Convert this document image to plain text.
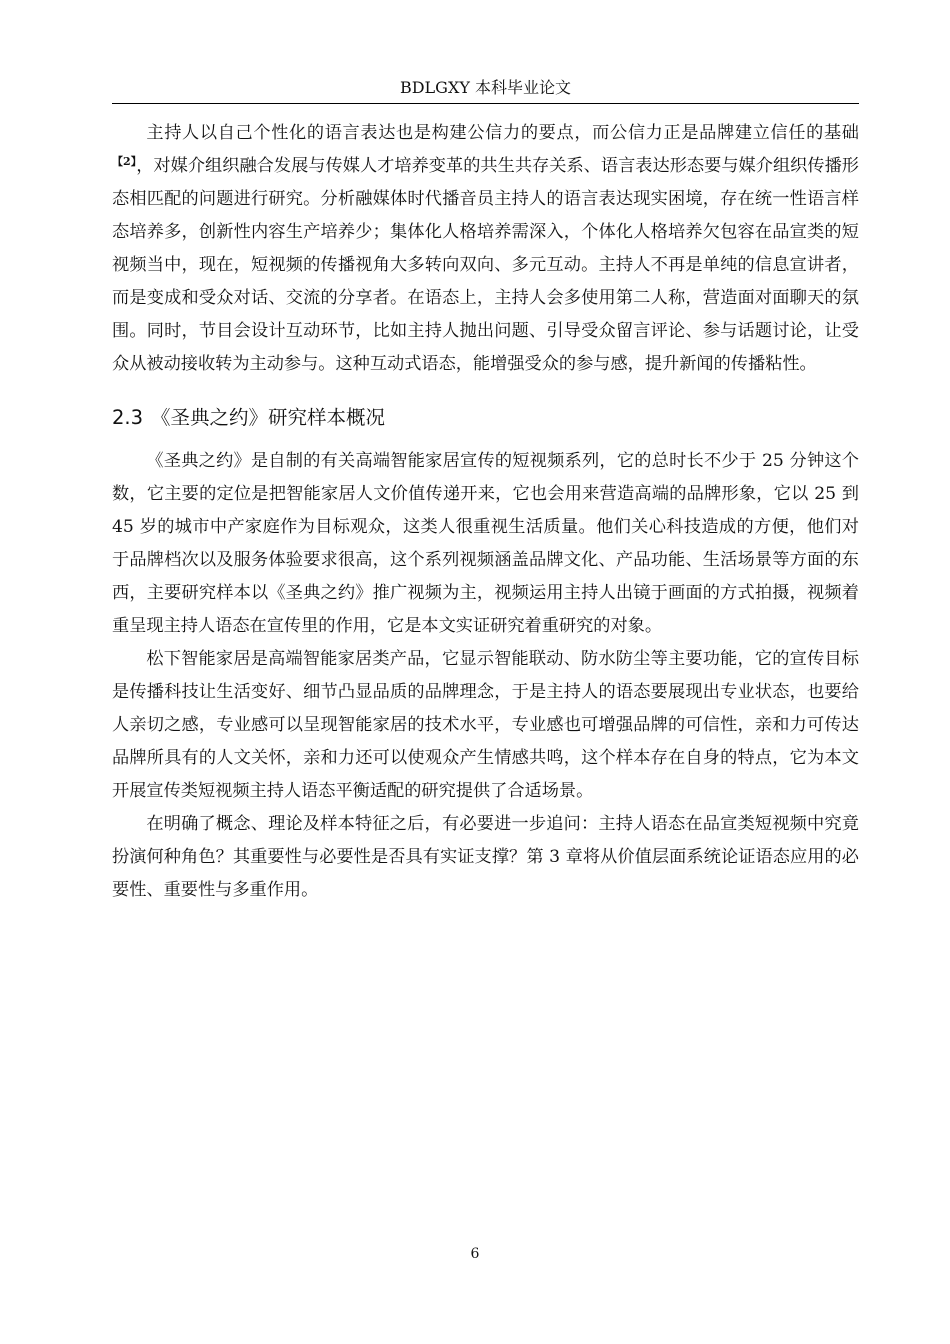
BDLGXY 本科毕业论文

主持人以自己个性化的语言表达也是构建公信力的要点，而公信力正是品牌建立信任的基础$^{【2】}$，对媒介组织融合发展与传媒人才培养变革的共生共存关系、语言表达形态要与媒介组织传播形态相匹配的问题进行研究。分析融媒体时代播音员主持人的语言表达现实困境，存在统一性语言样态培养多，创新性内容生产培养少；集体化人格培养需深入，个体化人格培养欠包容在品宣类的短视频当中，现在，短视频的传播视角大多转向双向、多元互动。主持人不再是单纯的信息宣讲者，而是变成和受众对话、交流的分享者。在语态上，主持人会多使用第二人称，营造面对面聊天的氛围。同时，节目会设计互动环节，比如主持人抛出问题、引导受众留言评论、参与话题讨论，让受众从被动接收转为主动参与。这种互动式语态，能增强受众的参与感，提升新闻的传播粘性。

2.3 《圣典之约》研究样本概况

《圣典之约》是自制的有关高端智能家居宣传的短视频系列，它的总时长不少于 25 分钟这个数，它主要的定位是把智能家居人文价值传递开来，它也会用来营造高端的品牌形象，它以 25 到 45 岁的城市中产家庭作为目标观众，这类人很重视生活质量。他们关心科技造成的方便，他们对于品牌档次以及服务体验要求很高，这个系列视频涵盖品牌文化、产品功能、生活场景等方面的东西，主要研究样本以《圣典之约》推广视频为主，视频运用主持人出镜于画面的方式拍摄，视频着重呈现主持人语态在宣传里的作用，它是本文实证研究着重研究的对象。

松下智能家居是高端智能家居类产品，它显示智能联动、防水防尘等主要功能，它的宣传目标是传播科技让生活变好、细节凸显品质的品牌理念，于是主持人的语态要展现出专业状态，也要给人亲切之感，专业感可以呈现智能家居的技术水平，专业感也可增强品牌的可信性，亲和力可传达品牌所具有的人文关怀，亲和力还可以使观众产生情感共鸣，这个样本存在自身的特点，它为本文开展宣传类短视频主持人语态平衡适配的研究提供了合适场景。

在明确了概念、理论及样本特征之后，有必要进一步追问：主持人语态在品宣类短视频中究竟扮演何种角色？其重要性与必要性是否具有实证支撑？第 3 章将从价值层面系统论证语态应用的必要性、重要性与多重作用。

6
